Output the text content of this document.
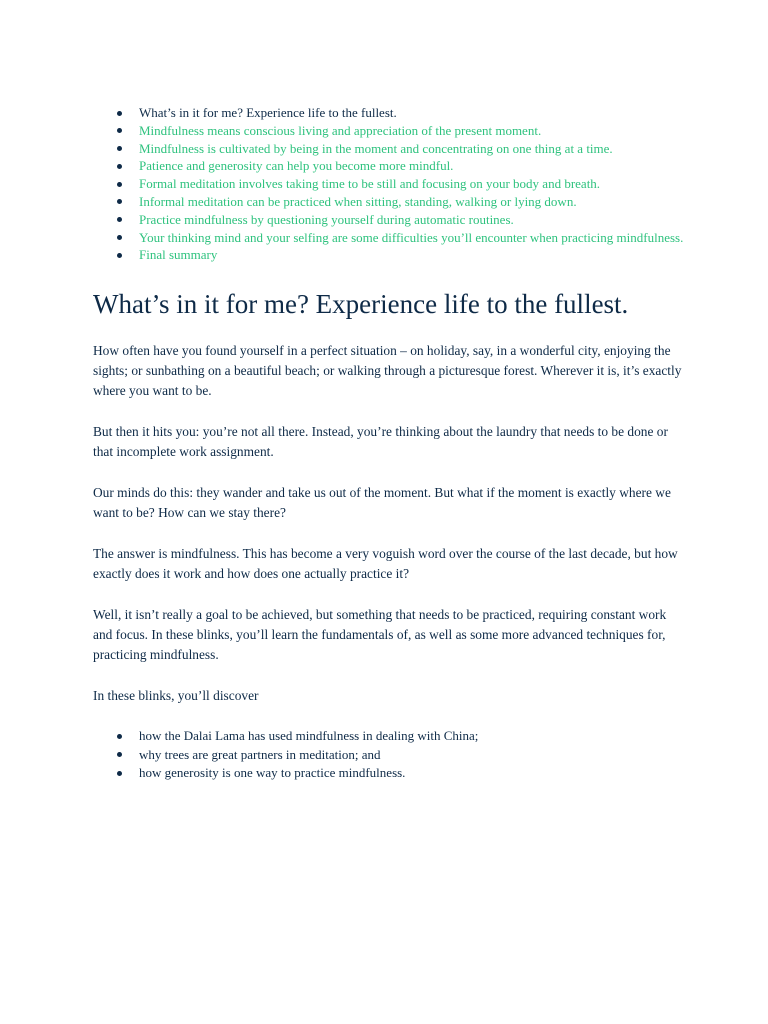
What’s in it for me? Experience life to the fullest.
Mindfulness means conscious living and appreciation of the present moment.
Mindfulness is cultivated by being in the moment and concentrating on one thing at a time.
Patience and generosity can help you become more mindful.
Formal meditation involves taking time to be still and focusing on your body and breath.
Informal meditation can be practiced when sitting, standing, walking or lying down.
Practice mindfulness by questioning yourself during automatic routines.
Your thinking mind and your selfing are some difficulties you’ll encounter when practicing mindfulness.
Final summary
What’s in it for me? Experience life to the fullest.

How often have you found yourself in a perfect situation – on holiday, say, in a wonderful city, enjoying the sights; or sunbathing on a beautiful beach; or walking through a picturesque forest. Wherever it is, it’s exactly where you want to be.

But then it hits you: you’re not all there. Instead, you’re thinking about the laundry that needs to be done or that incomplete work assignment.

Our minds do this: they wander and take us out of the moment. But what if the moment is exactly where we want to be? How can we stay there?

The answer is mindfulness. This has become a very voguish word over the course of the last decade, but how exactly does it work and how does one actually practice it?

Well, it isn’t really a goal to be achieved, but something that needs to be practiced, requiring constant work and focus. In these blinks, you’ll learn the fundamentals of, as well as some more advanced techniques for, practicing mindfulness.

In these blinks, you’ll discover

how the Dalai Lama has used mindfulness in dealing with China;
why trees are great partners in meditation; and
how generosity is one way to practice mindfulness.
